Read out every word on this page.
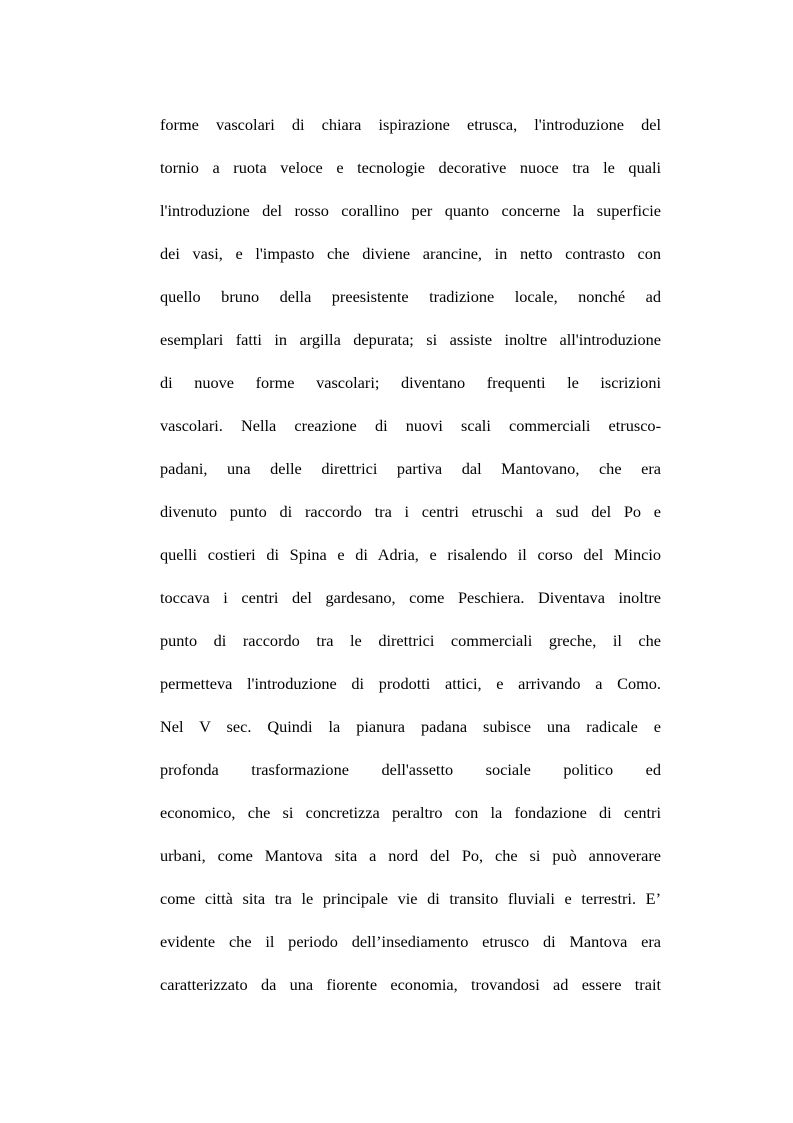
forme vascolari di chiara ispirazione etrusca, l'introduzione del
tornio a ruota veloce e tecnologie decorative nuoce tra le quali
l'introduzione del rosso corallino per quanto concerne la superficie
dei vasi, e l'impasto che diviene arancine, in netto contrasto con
quello bruno della preesistente tradizione locale, nonché ad
esemplari fatti in argilla depurata; si assiste inoltre all'introduzione
di nuove forme vascolari; diventano frequenti le iscrizioni
vascolari. Nella creazione di nuovi scali commerciali etrusco-
padani, una delle direttrici partiva dal Mantovano, che era
divenuto punto di raccordo tra i centri etruschi a sud del Po e
quelli costieri di Spina e di Adria, e risalendo il corso del Mincio
toccava i centri del gardesano, come Peschiera. Diventava inoltre
punto di raccordo tra le direttrici commerciali greche, il che
permetteva l'introduzione di prodotti attici, e arrivando a Como.
Nel V sec. Quindi la pianura padana subisce una radicale e
profonda trasformazione dell'assetto sociale politico ed
economico, che si concretizza peraltro con la fondazione di centri
urbani, come Mantova sita a nord del Po, che si può annoverare
come città sita tra le principale vie di transito fluviali e terrestri. E’
evidente che il periodo dell’insediamento etrusco di Mantova era
caratterizzato da una fiorente economia, trovandosi ad essere trait
